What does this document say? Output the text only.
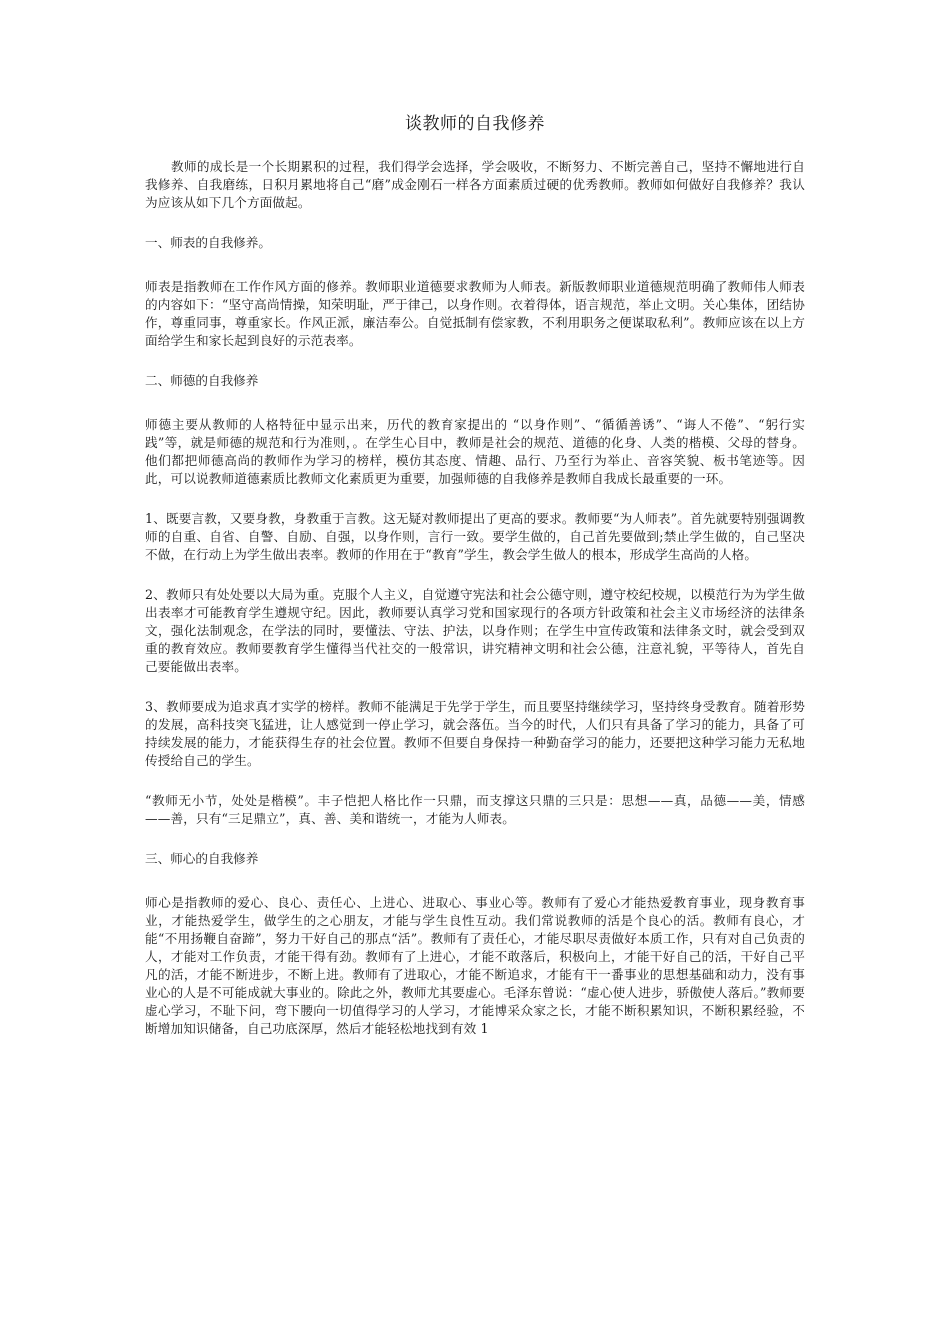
谈教师的自我修养

教师的成长是一个长期累积的过程，我们得学会选择，学会吸收，不断努力、不断完善自己，坚持不懈地进行自我修养、自我磨练，日积月累地将自己“磨”成金刚石一样各方面素质过硬的优秀教师。教师如何做好自我修养？我认为应该从如下几个方面做起。

一、师表的自我修养。

师表是指教师在工作作风方面的修养。教师职业道德要求教师为人师表。新版教师职业道德规范明确了教师伟人师表的内容如下：“坚守高尚情操，知荣明耻，严于律己，以身作则。衣着得体，语言规范，举止文明。关心集体，团结协作，尊重同事，尊重家长。作风正派，廉洁奉公。自觉抵制有偿家教，不利用职务之便谋取私利”。教师应该在以上方面给学生和家长起到良好的示范表率。

二、师德的自我修养

师德主要从教师的人格特征中显示出来，历代的教育家提出的 “以身作则”、“循循善诱”、“诲人不倦”、“躬行实践”等，就是师德的规范和行为准则，。在学生心目中，教师是社会的规范、道德的化身、人类的楷模、父母的替身。他们都把师德高尚的教师作为学习的榜样，模仿其态度、情趣、品行、乃至行为举止、音容笑貌、板书笔迹等。因此，可以说教师道德素质比教师文化素质更为重要，加强师德的自我修养是教师自我成长最重要的一环。

1、既要言教，又要身教，身教重于言教。这无疑对教师提出了更高的要求。教师要“为人师表”。首先就要特别强调教师的自重、自省、自警、自励、自强，以身作则，言行一致。要学生做的，自己首先要做到;禁止学生做的，自己坚决不做，在行动上为学生做出表率。教师的作用在于“教育”学生，教会学生做人的根本，形成学生高尚的人格。

2、教师只有处处要以大局为重。克服个人主义，自觉遵守宪法和社会公德守则，遵守校纪校规，以模范行为为学生做出表率才可能教育学生遵规守纪。因此，教师要认真学习党和国家现行的各项方针政策和社会主义市场经济的法律条文，强化法制观念，在学法的同时，要懂法、守法、护法，以身作则；在学生中宣传政策和法律条文时，就会受到双重的教育效应。教师要教育学生懂得当代社交的一般常识，讲究精神文明和社会公德，注意礼貌，平等待人，首先自己要能做出表率。

3、教师要成为追求真才实学的榜样。教师不能满足于先学于学生，而且要坚持继续学习，坚持终身受教育。随着形势的发展，高科技突飞猛进，让人感觉到一停止学习，就会落伍。当今的时代，人们只有具备了学习的能力，具备了可持续发展的能力，才能获得生存的社会位置。教师不但要自身保持一种勤奋学习的能力，还要把这种学习能力无私地传授给自己的学生。

“教师无小节，处处是楷模”。丰子恺把人格比作一只鼎，而支撑这只鼎的三只是：思想——真，品德——美，情感——善，只有“三足鼎立”，真、善、美和谐统一，才能为人师表。

三、师心的自我修养

师心是指教师的爱心、良心、责任心、上进心、进取心、事业心等。教师有了爱心才能热爱教育事业，现身教育事业，才能热爱学生，做学生的之心朋友，才能与学生良性互动。我们常说教师的活是个良心的活。教师有良心，才能“不用扬鞭自奋蹄”，努力干好自己的那点“活”。教师有了责任心，才能尽职尽责做好本质工作，只有对自己负责的人，才能对工作负责，才能干得有劲。教师有了上进心，才能不敢落后，积极向上，才能干好自己的活，干好自己平凡的活，才能不断进步，不断上进。教师有了进取心，才能不断追求，才能有干一番事业的思想基础和动力，没有事业心的人是不可能成就大事业的。除此之外，教师尤其要虚心。毛泽东曾说：“虚心使人进步，骄傲使人落后。”教师要虚心学习，不耻下问，弯下腰向一切值得学习的人学习，才能博采众家之长，才能不断积累知识，不断积累经验，不断增加知识储备，自己功底深厚，然后才能轻松地找到有效 1
